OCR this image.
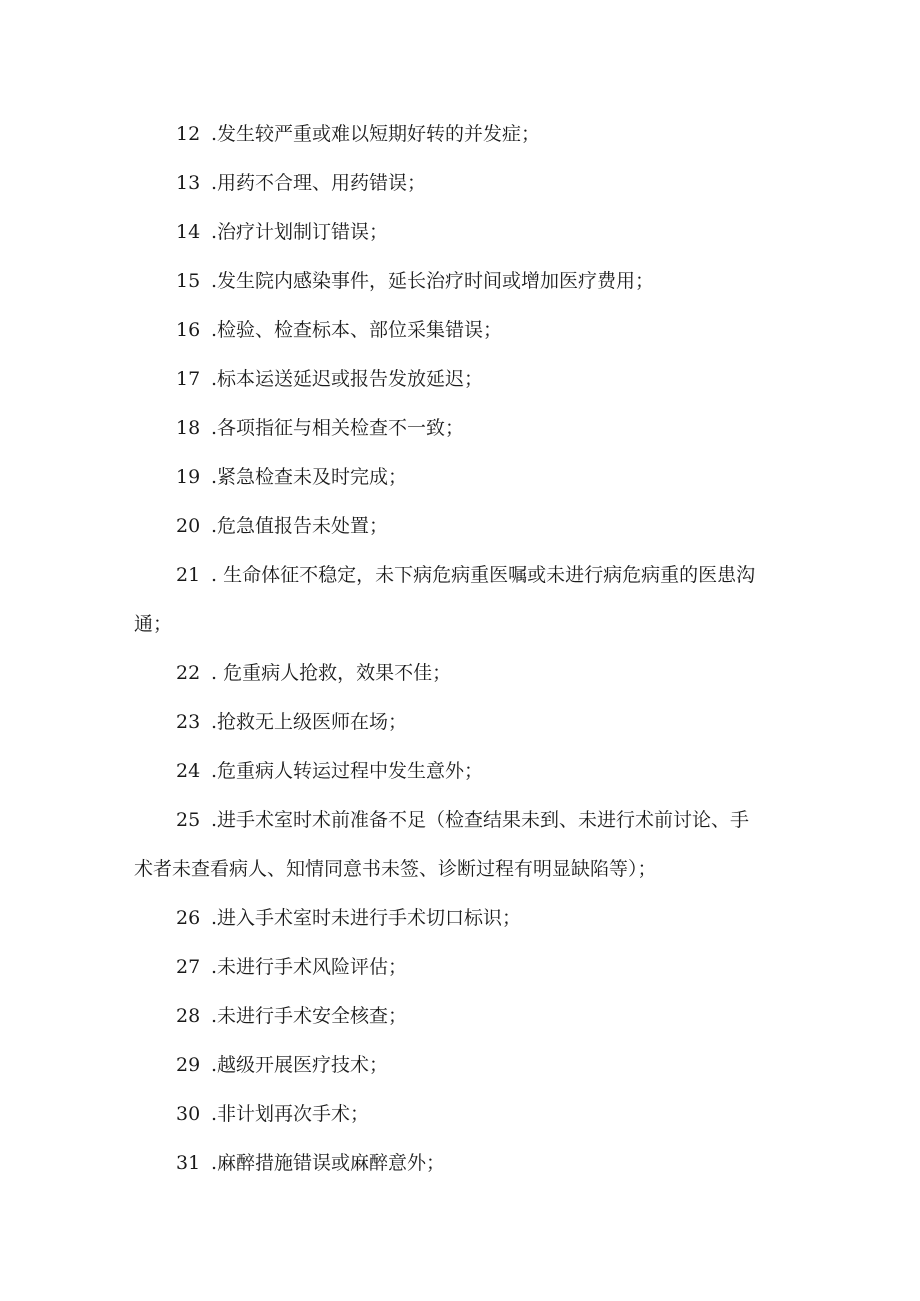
12 .发生较严重或难以短期好转的并发症；
13 .用药不合理、用药错误；
14 .治疗计划制订错误；
15 .发生院内感染事件，延长治疗时间或增加医疗费用；
16 .检验、检查标本、部位采集错误；
17 .标本运送延迟或报告发放延迟；
18 .各项指征与相关检查不一致；
19 .紧急检查未及时完成；
20 .危急值报告未处置；
21 . 生命体征不稳定，未下病危病重医嘱或未进行病危病重的医患沟
通；
22 . 危重病人抢救，效果不佳；
23 .抢救无上级医师在场；
24 .危重病人转运过程中发生意外；
25 .进手术室时术前准备不足（检查结果未到、未进行术前讨论、手
术者未查看病人、知情同意书未签、诊断过程有明显缺陷等）；
26 .进入手术室时未进行手术切口标识；
27 .未进行手术风险评估；
28 .未进行手术安全核查；
29 .越级开展医疗技术；
30 .非计划再次手术；
31 .麻醉措施错误或麻醉意外；
